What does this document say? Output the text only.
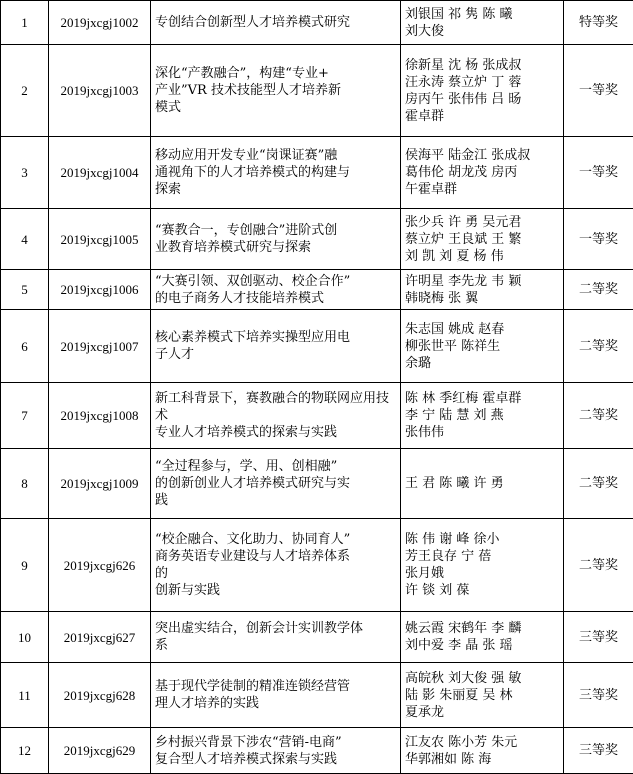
1	2019jxcgj1002	专创结合创新型人才培养模式研究	刘银国 祁 隽 陈 曦
刘大俊	特等奖
2	2019jxcgj1003	深化“产教融合”，构建“专业+
产业”VR 技术技能型人才培养新
模式	徐新星 沈 杨 张成叔
汪永涛 蔡立炉 丁 蓉
房丙午 张伟伟 吕 旸
霍卓群	一等奖
3	2019jxcgj1004	移动应用开发专业“岗课证赛”融
通视角下的人才培养模式的构建与
探索	侯海平 陆金江 张成叔
葛伟伦 胡龙茂 房丙
午霍卓群	一等奖
4	2019jxcgj1005	“赛教合一，专创融合”进阶式创
业教育培养模式研究与探索	张少兵 许 勇 吴元君
蔡立炉 王良斌 王 繁
刘 凯 刘 夏 杨 伟	一等奖
5	2019jxcgj1006	“大赛引领、双创驱动、校企合作”
的电子商务人才技能培养模式	许明星 李先龙 韦 颖
韩晓梅 张 翼	二等奖
6	2019jxcgj1007	核心素养模式下培养实操型应用电
子人才	朱志国 姚成 赵春
柳张世平 陈祥生
余璐	二等奖
7	2019jxcgj1008	新工科背景下，赛教融合的物联网应用技术
专业人才培养模式的探索与实践	陈 林 季红梅 霍卓群
李 宁 陆 慧 刘 燕
张伟伟	二等奖
8	2019jxcgj1009	“全过程参与，学、用、创相融”
的创新创业人才培养模式研究与实
践	王 君 陈 曦 许 勇	二等奖
9	2019jxcgj626	“校企融合、文化助力、协同育人”
商务英语专业建设与人才培养体系
的
创新与实践	陈 伟 谢 峰 徐小
芳王良存 宁 蓓
张月娥
许 锬 刘 葆	二等奖
10	2019jxcgj627	突出虚实结合，创新会计实训教学体
系	姚云霞 宋鹤年 李 麟
刘中爱 李 晶 张 瑶	三等奖
11	2019jxcgj628	基于现代学徒制的精准连锁经营管
理人才培养的实践	高皖秋 刘大俊 强 敏
陆 影 朱丽夏 吴 林
夏承龙	三等奖
12	2019jxcgj629	乡村振兴背景下涉农“营销-电商”
复合型人才培养模式探索与实践	江友农 陈小芳 朱元
华郭湘如 陈 海	三等奖
